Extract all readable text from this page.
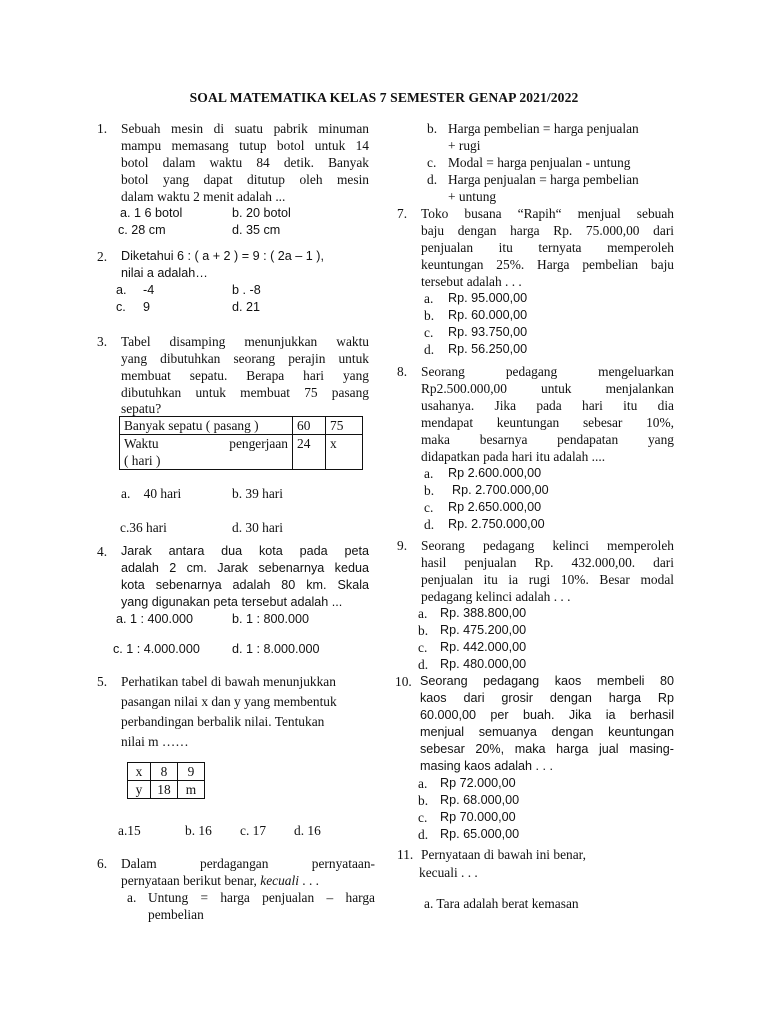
SOAL MATEMATIKA KELAS 7 SEMESTER GENAP 2021/2022
1. Sebuah mesin di suatu pabrik minuman
mampu memasang tutup botol untuk 14
botol dalam waktu 84 detik. Banyak
botol yang dapat ditutup oleh mesin
dalam waktu 2 menit adalah ...
a. 1 6 botol	b. 20 botol
c. 28 cm	d. 35 cm
2. Diketahui 6 : ( a + 2 ) = 9 : ( 2a – 1 ),
nilai a adalah…
a. -4	b . -8
c. 9	d. 21
3. Tabel disamping menunjukkan waktu
yang dibutuhkan seorang perajin untuk
membuat sepatu. Berapa hari yang
dibutuhkan untuk membuat 75 pasang
sepatu?
Banyak sepatu ( pasang )	60	75

Waktu pengerjaan
( hari )	24	x
a.    40 hari	b. 39 hari
c.36 hari	d. 30 hari
4. Jarak antara dua kota pada peta
adalah 2 cm. Jarak sebenarnya kedua
kota sebenarnya adalah 80 km. Skala
yang digunakan peta tersebut adalah ...
a. 1 : 400.000	b. 1 : 800.000
c. 1 : 4.000.000	d. 1 : 8.000.000
5. Perhatikan tabel di bawah menunjukkan
pasangan nilai x dan y yang membentuk
perbandingan berbalik nilai. Tentukan
nilai m ……
x	8	9
y	18	m
a.15	b. 16 c. 17 d. 16
6. Dalam perdagangan pernyataan-
pernyataan berikut benar, kecuali . . .
a. Untung = harga penjualan – harga
pembelian
b. Harga pembelian = harga penjualan
+ rugi
c. Modal = harga penjualan - untung
d. Harga penjualan = harga pembelian
+ untung
7. Toko busana “Rapih“ menjual sebuah
baju dengan harga Rp. 75.000,00 dari
penjualan itu ternyata memperoleh
keuntungan 25%. Harga pembelian baju
tersebut adalah . . .
a. Rp. 95.000,00
b. Rp. 60.000,00
c. Rp. 93.750,00
d. Rp. 56.250,00
8. Seorang pedagang mengeluarkan
Rp2.500.000,00 untuk menjalankan
usahanya. Jika pada hari itu dia
mendapat keuntungan sebesar 10%,
maka besarnya pendapatan yang
didapatkan pada hari itu adalah ....
a. Rp 2.600.000,00
b. Rp. 2.700.000,00
c. Rp 2.650.000,00
d. Rp. 2.750.000,00
9. Seorang pedagang kelinci memperoleh
hasil penjualan Rp. 432.000,00. dari
penjualan itu ia rugi 10%. Besar modal
pedagang kelinci adalah . . .
a. Rp. 388.800,00
b. Rp. 475.200,00
c. Rp. 442.000,00
d. Rp. 480.000,00
10. Seorang pedagang kaos membeli 80
kaos dari grosir dengan harga Rp
60.000,00 per buah. Jika ia berhasil
menjual semuanya dengan keuntungan
sebesar 20%, maka harga jual masing-
masing kaos adalah . . .
a. Rp 72.000,00
b. Rp. 68.000,00
c. Rp 70.000,00
d. Rp. 65.000,00
11. Pernyataan di bawah ini benar,
kecuali . . .
a. Tara adalah berat kemasan
